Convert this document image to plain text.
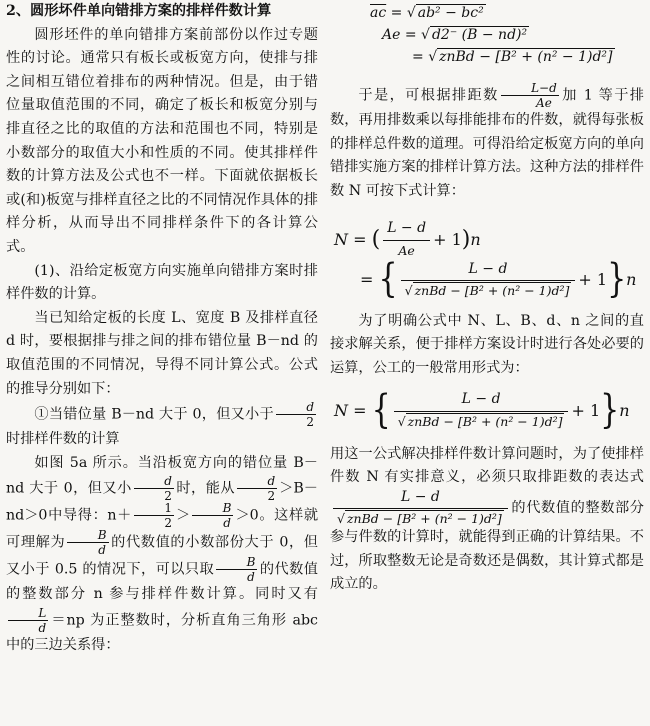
2、圆形坏件单向错排方案的排样件数计算

圆形坯件的单向错排方案前部份以作过专题性的讨论。通常只有板长或板宽方向，使排与排之间相互错位着排布的两种情况。但是，由于错位量取值范围的不同，确定了板长和板宽分别与排直径之比的取值的方法和范围也不同，特别是小数部分的取值大小和性质的不同。使其排样件数的计算方法及公式也不一样。下面就依据板长或(和)板宽与排样直径之比的不同情况作具体的排样分析，从而导出不同排样条件下的各计算公式。

(1)、沿给定板宽方向实施单向错排方案时排样件数的计算。

当已知给定板的长度 L、宽度 B 及排样直径 d 时，要根据排与排之间的排布错位量 B－nd 的取值范围的不同情况，导得不同计算公式。公式的推导分别如下：

①当错位量 B－nd 大于 0，但又小于 $\frac{d}{2}$
时排样件数的计算

如图 5a 所示。当沿板宽方向的错位量 B－nd 大于 0，但又小 $\frac{d}{2}$ 时，能从 $\frac{d}{2} >B-nd>0$中导得：$n+ \frac{1}{2} > \frac{B}{d} >0$。这样就可理解为 $\frac{B}{d}$ 的代数值的小数部份大于 0，但又小于 0.5 的情况下，可以只取 $\frac{B}{d}$ 的代数值的整数部分 n 参与排样件数计算。同时又有
$\frac{L}{d} =np$ 为正整数时，分析直角三角形 abc 中的三边关系得：

$\overline{ac}$ = √ ab² − bc²

Ae = √ d2⁻ (B − nd)²

= √ znBd − [B² + (n² − 1)d²]

于是，可根据排距数 $\frac{L-d}{Ae}$ 加 1 等于排数，再用排数乘以每排能排布的件数，就得每张板的排样总件数的道理。可得沿给定板宽方向的单向错排实施方案的排样计算方法。这种方法的排样件数 N 可按下式计算：

N
=
( L − d
Ae
+ 1 ) n
=
{	L − d
√ znBd − [B² + (n² − 1)d²]
+ 1 } n

为了明确公式中 N、L、B、d、n 之间的直接求解关系，便于排样方案设计时进行各处必要的运算，公工的一般常用形式为：

N
=
{	L − d
√ znBd − [B² + (n² − 1)d²]
+ 1 } n

用这一公式解决排样件数计算问题时，为了使排样件数 N 有实排意义，必须只取排距数的表达式
L − d
√ znBd − [B² + (n² − 1)d²]
的代数值的整数部分参与件数的计算时，就能得到正确的计算结果。不过，所取整数无论是奇数还是偶数，其计算式都是成立的。
